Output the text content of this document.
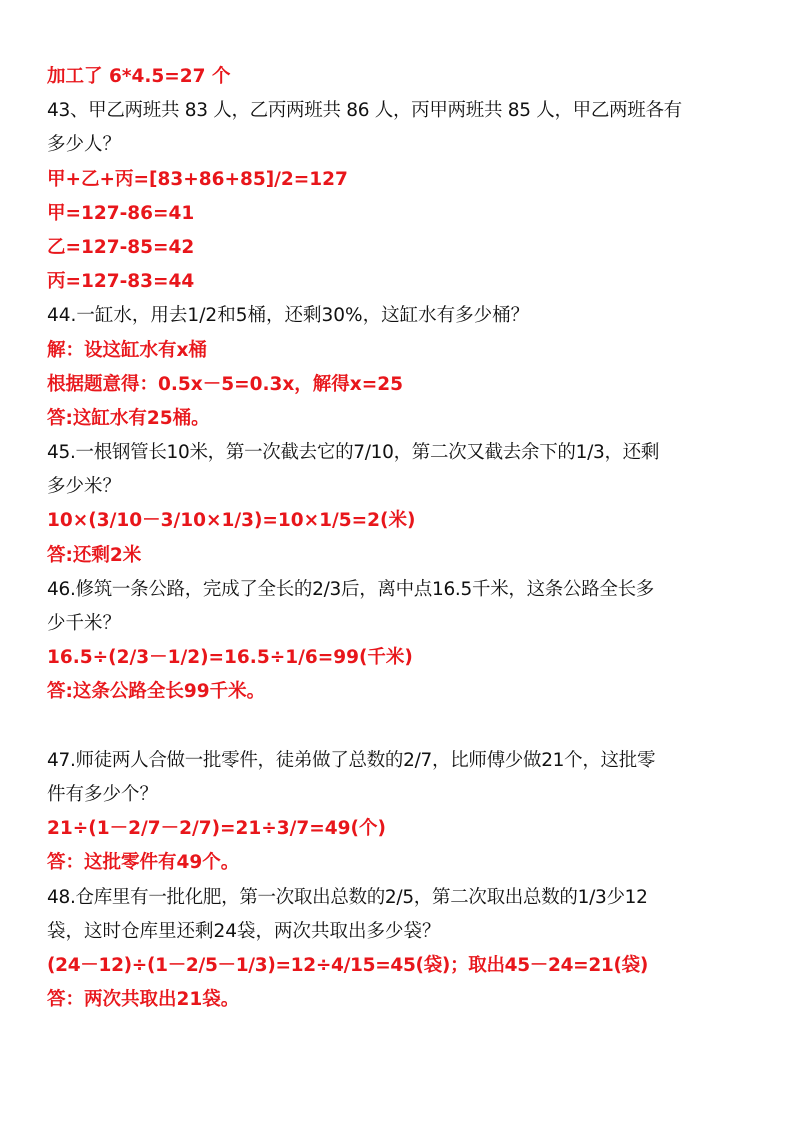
加工了 6*4.5=27 个
43、甲乙两班共 83 人，乙丙两班共 86 人，丙甲两班共 85 人，甲乙两班各有
多少人？
甲+乙+丙=[83+86+85]/2=127
甲=127-86=41
乙=127-85=42
丙=127-83=44
44.一缸水，用去1/2和5桶，还剩30%，这缸水有多少桶？
解：设这缸水有x桶
根据题意得：0.5x－5=0.3x，解得x=25
答:这缸水有25桶。
45.一根钢管长10米，第一次截去它的7/10，第二次又截去余下的1/3，还剩
多少米？
10×(3/10－3/10×1/3)=10×1/5=2(米)
答:还剩2米
46.修筑一条公路，完成了全长的2/3后，离中点16.5千米，这条公路全长多
少千米？
16.5÷(2/3－1/2)=16.5÷1/6=99(千米)
答:这条公路全长99千米。
47.师徒两人合做一批零件，徒弟做了总数的2/7，比师傅少做21个，这批零
件有多少个？
21÷(1－2/7－2/7)=21÷3/7=49(个)
答：这批零件有49个。
48.仓库里有一批化肥，第一次取出总数的2/5，第二次取出总数的1/3少12
袋，这时仓库里还剩24袋，两次共取出多少袋？
(24－12)÷(1－2/5－1/3)=12÷4/15=45(袋)；取出45－24=21(袋)
答：两次共取出21袋。
